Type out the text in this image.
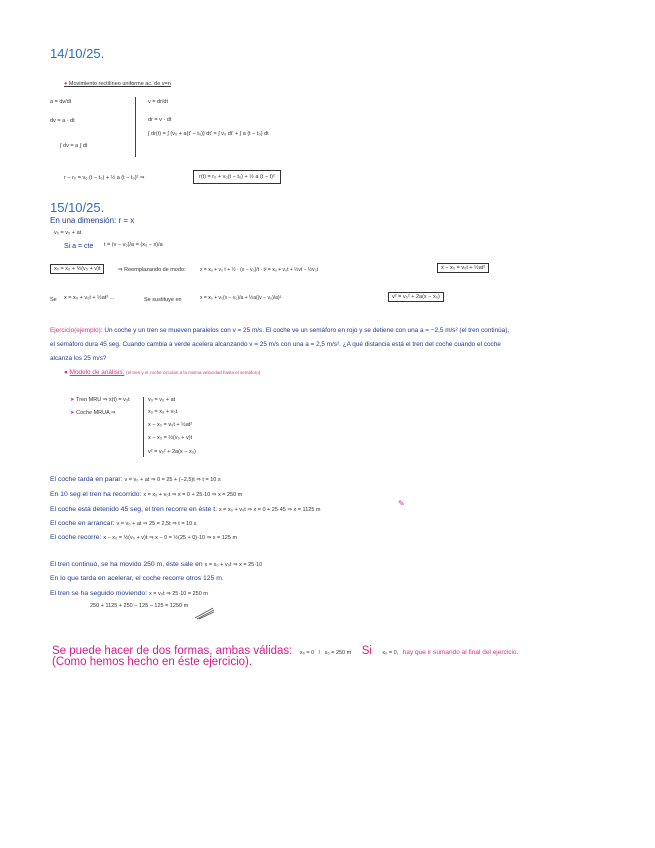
14/10/25.
● Movimiento rectilíneo uniforme ac. de v=n
a = dv/dt
dv = a · dt
∫ dv = a ∫ dt
v = dr/dt
dr = v · dt
∫ dr(t) = ∫ (v₀ + a(t' − t₀)) dt' = ∫ v₀ dt' + ∫ a (t − t₀) dt
r − r₀ = v₀ (t − t₀) + ½ a (t − t₀)² ⇒	r(t) = r₀ + v₀(t − t₀) + ½ a (t − t)²
15/10/25.
En una dimensión: r = x
v₀ = v₀ + at
Si a = cte t = (v − v₀)/a = (x₀ − x)/a
x₀ = x₀ + ½(v₀ + v)t	⇒ Reemplazando de modo:	x = x₀ + v₀ t + ½ · (v − v₀)/t · t² = x₀ + v₀t + ½vt − ½v₀t	x − x₀ = v₀t + ½at²
Se x = x₀ + v₀t + ½at² ...	Se sustituye en	x = x₀ + v₀(v − v₀)/a + ½a((v − v₀)/a)²	v² = v₀² + 2a(x − x₀)
Ejercicio(ejemplo): Un coche y un tren se mueven paralelos con v = 25 m/s. El coche ve un semáforo en rojo y se detiene con una a = −2,5 m/s² (el tren continúa),
el semáforo dura 45 seg. Cuando cambia a verde acelera alcanzando v = 25 m/s con una a = 2,5 m/s². ¿A qué distancia está el tren del coche cuando el coche
alcanza los 25 m/s?
● Modelo de análisis: (el tren y el coche circulan a la misma velocidad hasta el semáforo)
➤ Tren MRU ⇒ x(t) = v₀t
➤ Coche MRUA ⇒
v₀ = v₀ + at
x₀ = x₀ + v₀t
x − x₀ = v₀t + ½at²
x − x₀ = ½(v₀ + v)t
v² = v₀² + 2a(x − x₀)
El coche tarda en parar: v = v₀ + at ⇒ 0 = 25 + (−2,5)t ⇒ t = 10 s
En 10 seg el tren ha recorrido: x = x₀ + v₀t ⇒ x = 0 + 25·10 ⇒ x = 250 m
El coche está detenido 45 seg, el tren recorre en éste t: x = x₀ + v₀t ⇒ x = 0 + 25·45 ⇒ x = 1125 m
✎
El coche en arrancar: v = v₀ + at ⇒ 25 = 2,5t ⇒ t = 10 s
El coche recorre: x − x₀ = ½(v₀ + v)t ⇒ x − 0 = ½(25 + 0)·10 ⇒ x = 125 m
El tren continuó, se ha movido 250 m, éste sale en x = x₀ + v₀t ⇒ x = 25·10
En lo que tarda en acelerar, el coche recorre otros 125 m.
El tren se ha seguido moviendo: x = v₀t ⇒ 25·10 = 250 m
250 + 1125 + 250 − 125 − 125 = 1250 m
Se puede hacer de dos formas, ambas válidas: x₀ = 0 / x₀ = 250 m Si x₀ = 0, hay que ir sumando al final del ejercicio.
(Como hemos hecho en éste ejercicio).
